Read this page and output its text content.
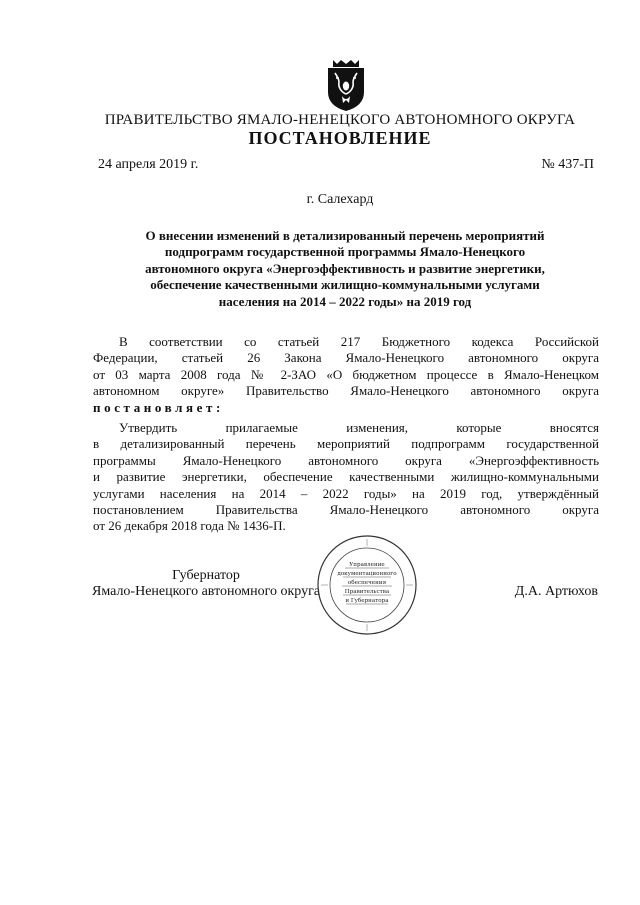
ПРАВИТЕЛЬСТВО ЯМАЛО-НЕНЕЦКОГО АВТОНОМНОГО ОКРУГА
ПОСТАНОВЛЕНИЕ
24 апреля 2019 г.	№ 437-П
г. Салехард
О внесении изменений в детализированный перечень мероприятий
подпрограмм государственной программы Ямало-Ненецкого
автономного округа «Энергоэффективность и развитие энергетики,
обеспечение качественными жилищно-коммунальными услугами
населения на 2014 – 2022 годы» на 2019 год
В соответствии со статьей 217 Бюджетного кодекса Российской
Федерации, статьей 26 Закона Ямало-Ненецкого автономного округа
от 03 марта 2008 года № 2-ЗАО «О бюджетном процессе в Ямало-Ненецком
автономном округе» Правительство Ямало-Ненецкого автономного округа
постановляет:
Утвердить прилагаемые изменения, которые вносятся
в детализированный перечень мероприятий подпрограмм государственной
программы Ямало-Ненецкого автономного округа «Энергоэффективность
и развитие энергетики, обеспечение качественными жилищно-коммунальными
услугами населения на 2014 – 2022 годы» на 2019 год, утверждённый
постановлением Правительства Ямало-Ненецкого автономного округа
от 26 декабря 2018 года № 1436-П.
Губернатор
Ямало-Ненецкого автономного округа	Д.А. Артюхов
Управление
документационного
обеспечения
Правительства
и Губернатора
